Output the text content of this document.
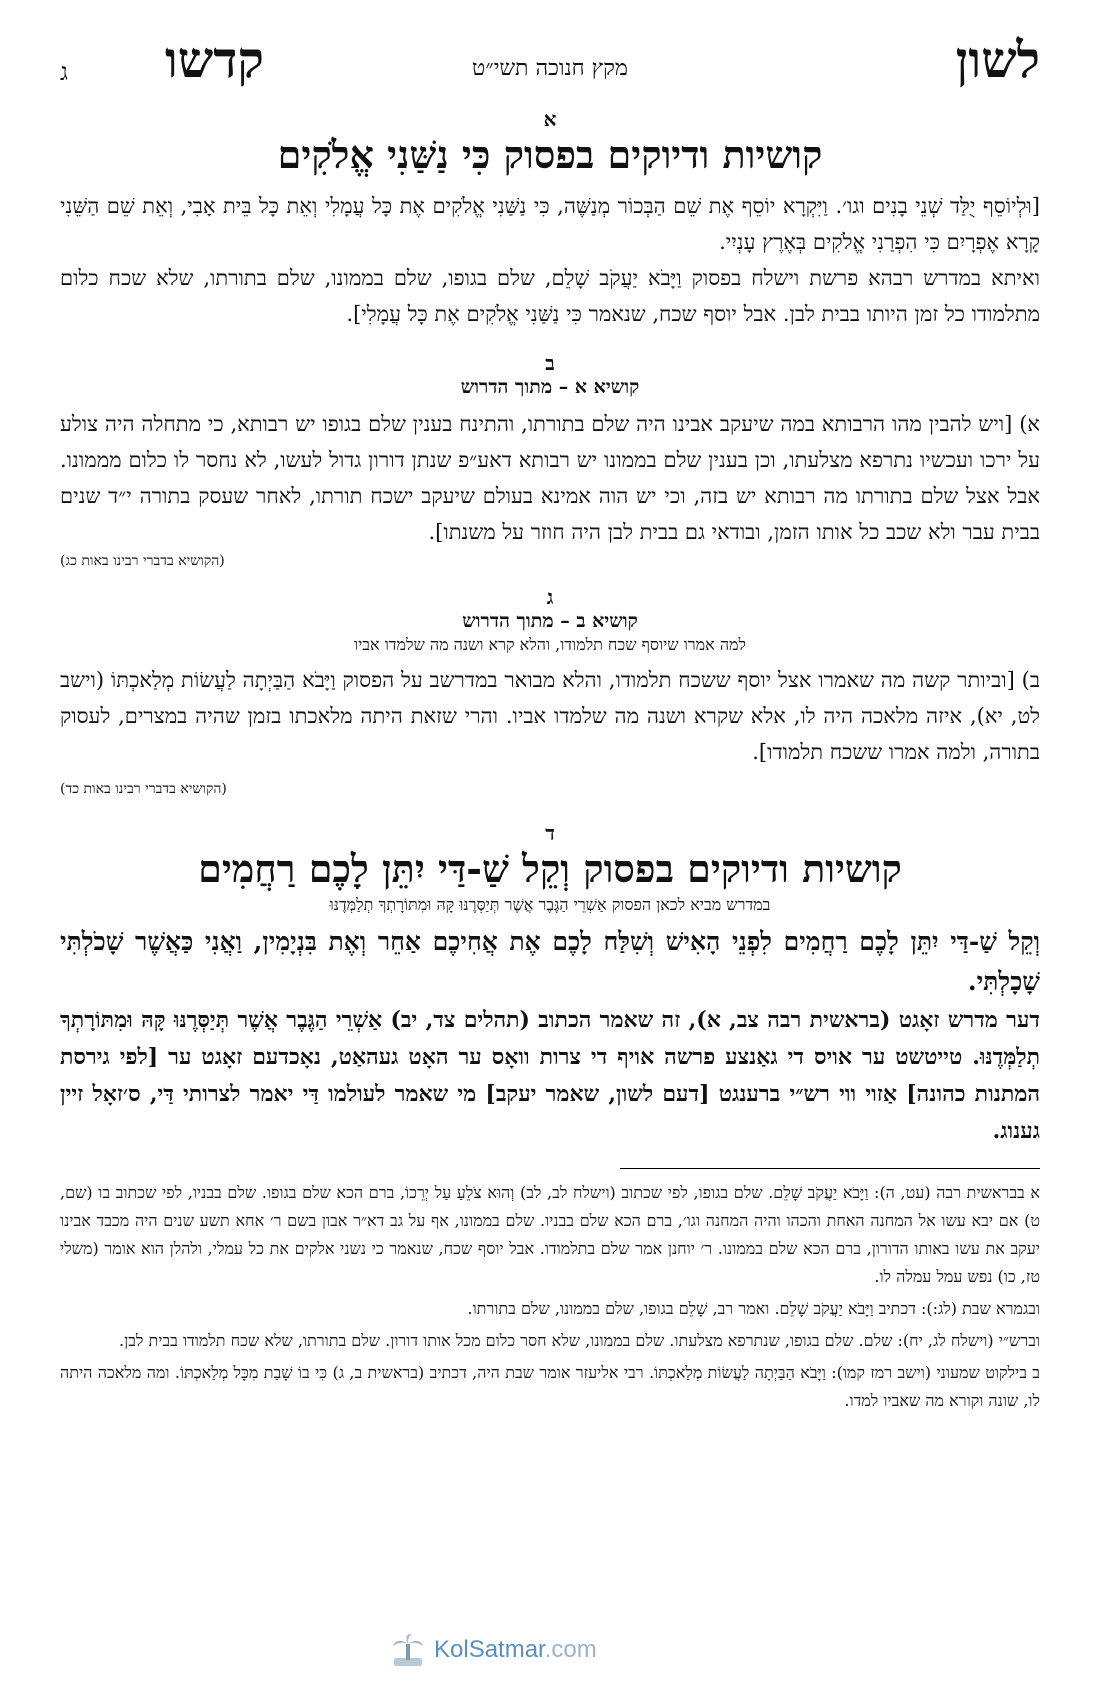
לשון
מקץ חנוכה תשי״ט
קדשו
ג
א
קושיות ודיוקים בפסוק כִּי נַשַּׁנִי אֱלֹקִים

[וּלְיוֹסֵף יֻלַּד שְׁנֵי בָנִים וגו׳. וַיִּקְרָא יוֹסֵף אֶת שֵׁם הַבְּכוֹר מְנַשֶּׁה, כִּי נַשַּׁנִי אֱלֹקִים אֶת כָּל עֲמָלִי וְאֵת כָּל בֵּית אָבִי, וְאֵת שֵׁם הַשֵּׁנִי קָרָא אֶפְרָיִם כִּי הִפְרַנִי אֱלֹקִים בְּאֶרֶץ עָנְיִי.

ואיתא במדרש רבהא פרשת וישלח בפסוק וַיָּבֹא יַעֲקֹב שָׁלֵם, שלם בגופו, שלם בממונו, שלם בתורתו, שלא שכח כלום מתלמודו כל זמן היותו בבית לבן. אבל יוסף שכח, שנאמר כִּי נַשַּׁנִי אֱלֹקִים אֶת כָּל עֲמָלִי].

ב
קושיא א – מתוך הדרוש

א) [ויש להבין מהו הרבותא במה שיעקב אבינו היה שלם בתורתו, והתינח בענין שלם בגופו יש רבותא, כי מתחלה היה צולע על ירכו ועכשיו נתרפא מצלעתו, וכן בענין שלם בממונו יש רבותא דאע״פ שנתן דורון גדול לעשו, לא נחסר לו כלום מממונו. אבל אצל שלם בתורתו מה רבותא יש בזה, וכי יש הוה אמינא בעולם שיעקב ישכח תורתו, לאחר שעסק בתורה י״ד שנים בבית עבר ולא שכב כל אותו הזמן, ובודאי גם בבית לבן היה חוזר על משנתו].

(הקושיא בדברי רבינו באות כג)
ג
קושיא ב – מתוך הדרוש
למה אמרו שיוסף שכח תלמודו, והלא קרא ושנה מה שלמדו אביו

ב) [וביותר קשה מה שאמרו אצל יוסף ששכח תלמודו, והלא מבואר במדרשב על הפסוק וַיָּבֹא הַבַּיְתָה לַעֲשׂוֹת מְלַאכְתּוֹ (וישב לט, יא), איזה מלאכה היה לו, אלא שקרא ושנה מה שלמדו אביו. והרי שזאת היתה מלאכתו בזמן שהיה במצרים, לעסוק בתורה, ולמה אמרו ששכח תלמודו].

(הקושיא בדברי רבינו באות כד)
ד
קושיות ודיוקים בפסוק וְקֵל שַׁ-דַּי יִתֵּן לָכֶם רַחֲמִים
במדרש מביא לכאן הפסוק אַשְׁרֵי הַגֶּבֶר אֲשֶׁר תְּיַסְּרֶנּוּ קָּהּ וּמִתּוֹרָתְךָ תְלַמְּדֶנּוּ

וְקֵל שַׁ-דַּי יִתֵּן לָכֶם רַחֲמִים לִפְנֵי הָאִישׁ וְשִׁלַּח לָכֶם אֶת אֲחִיכֶם אַחֵר וְאֶת בִּנְיָמִין, וַאֲנִי כַּאֲשֶׁר שָׁכֹלְתִּי שָׁכָלְתִּי.

דער מדרש זאָגט (בראשית רבה צב, א), זה שאמר הכתוב (תהלים צד, יב) אַשְׁרֵי הַגֶּבֶר אֲשֶׁר תְּיַסְּרֶנּוּ קָּהּ וּמִתּוֹרָתְךָ תְלַמְּדֶנּוּ. טייטשט ער אויס די גאַנצע פרשה אויף די צרות וואָס ער האָט געהאַט, נאָכדעם זאָגט ער [לפי גירסת המתנות כהונה] אַזוי ווי רש״י ברענגט [דעם לשון, שאמר יעקב] מי שאמר לעולמו דַּי יאמר לצרותי דַּי, ס׳זאָל זיין גענוג.

א בבראשית רבה (עט, ה): וַיָּבֹא יַעֲקֹב שָׁלֵם. שלם בגופו, לפי שכתוב (וישלח לב, לב) וְהוּא צֹלֵעַ עַל יְרֵכוֹ, ברם הכא שלם בגופו. שלם בבניו, לפי שכתוב בו (שם, ט) אם יבא עשו אל המחנה האחת והכהו והיה המחנה וגו׳, ברם הכא שלם בבניו. שלם בממונו, אף על גב דא״ר אבון בשם ר׳ אחא תשע שנים היה מכבד אבינו יעקב את עשו באותו הדורון, ברם הכא שלם בממונו. ר׳ יוחנן אמר שלם בתלמודו. אבל יוסף שכח, שנאמר כי נשני אלקים את כל עמלי, ולהלן הוא אומר (משלי טז, כו) נפש עמל עמלה לו.

ובגמרא שבת (לג:): דכתיב וַיָּבֹא יַעֲקֹב שָׁלֵם. ואמר רב, שָׁלֵם בגופו, שלם בממונו, שלם בתורתו.

וברש״י (וישלח לג, יח): שלם. שלם בגופו, שנתרפא מצלעתו. שלם בממונו, שלא חסר כלום מכל אותו דורון. שלם בתורתו, שלא שכח תלמודו בבית לבן.

ב בילקוט שמעוני (וישב רמז קמו): וַיָּבֹא הַבַּיְתָה לַעֲשׂוֹת מְלַאכְתּוֹ. רבי אליעזר אומר שבת היה, דכתיב (בראשית ב, ג) כִּי בוֹ שָׁבַת מִכָּל מְלַאכְתּוֹ. ומה מלאכה היתה לו, שונה וקורא מה שאביו למדו.

KolSatmar.com
